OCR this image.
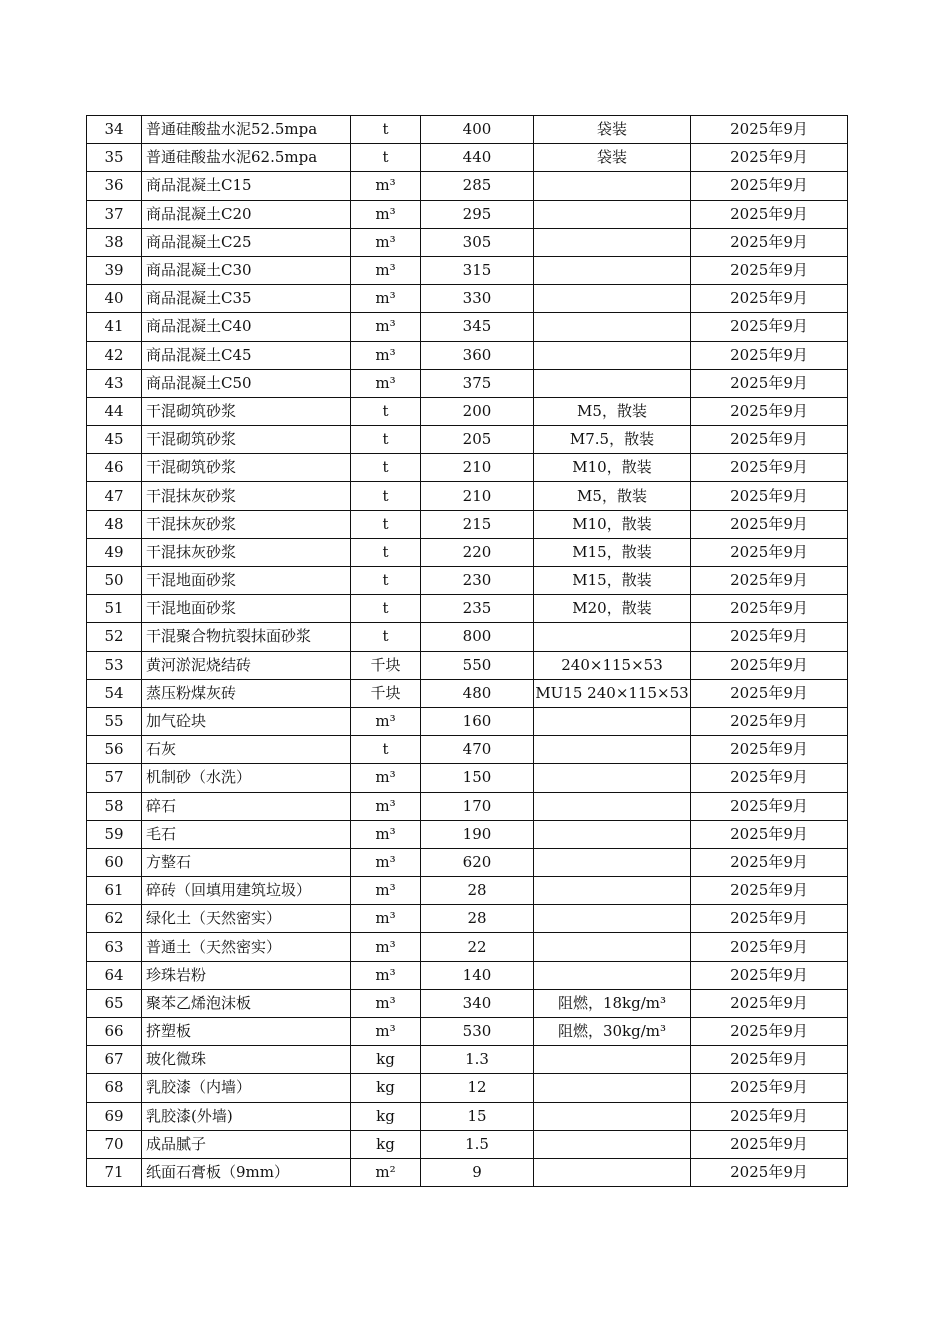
34	普通硅酸盐水泥52.5mpa	t	400	袋装	2025年9月
35	普通硅酸盐水泥62.5mpa	t	440	袋装	2025年9月
36	商品混凝土C15	m³	285		2025年9月
37	商品混凝土C20	m³	295		2025年9月
38	商品混凝土C25	m³	305		2025年9月
39	商品混凝土C30	m³	315		2025年9月
40	商品混凝土C35	m³	330		2025年9月
41	商品混凝土C40	m³	345		2025年9月
42	商品混凝土C45	m³	360		2025年9月
43	商品混凝土C50	m³	375		2025年9月
44	干混砌筑砂浆	t	200	M5，散装	2025年9月
45	干混砌筑砂浆	t	205	M7.5，散装	2025年9月
46	干混砌筑砂浆	t	210	M10，散装	2025年9月
47	干混抹灰砂浆	t	210	M5，散装	2025年9月
48	干混抹灰砂浆	t	215	M10，散装	2025年9月
49	干混抹灰砂浆	t	220	M15，散装	2025年9月
50	干混地面砂浆	t	230	M15，散装	2025年9月
51	干混地面砂浆	t	235	M20，散装	2025年9月
52	干混聚合物抗裂抹面砂浆	t	800		2025年9月
53	黄河淤泥烧结砖	千块	550	240×115×53	2025年9月
54	蒸压粉煤灰砖	千块	480	MU15 240×115×53	2025年9月
55	加气砼块	m³	160		2025年9月
56	石灰	t	470		2025年9月
57	机制砂（水洗）	m³	150		2025年9月
58	碎石	m³	170		2025年9月
59	毛石	m³	190		2025年9月
60	方整石	m³	620		2025年9月
61	碎砖（回填用建筑垃圾）	m³	28		2025年9月
62	绿化土（天然密实）	m³	28		2025年9月
63	普通土（天然密实）	m³	22		2025年9月
64	珍珠岩粉	m³	140		2025年9月
65	聚苯乙烯泡沫板	m³	340	阻燃，18kg/m³	2025年9月
66	挤塑板	m³	530	阻燃，30kg/m³	2025年9月
67	玻化微珠	kg	1.3		2025年9月
68	乳胶漆（内墙）	kg	12		2025年9月
69	乳胶漆(外墙)	kg	15		2025年9月
70	成品腻子	kg	1.5		2025年9月
71	纸面石膏板（9mm）	m²	9		2025年9月
